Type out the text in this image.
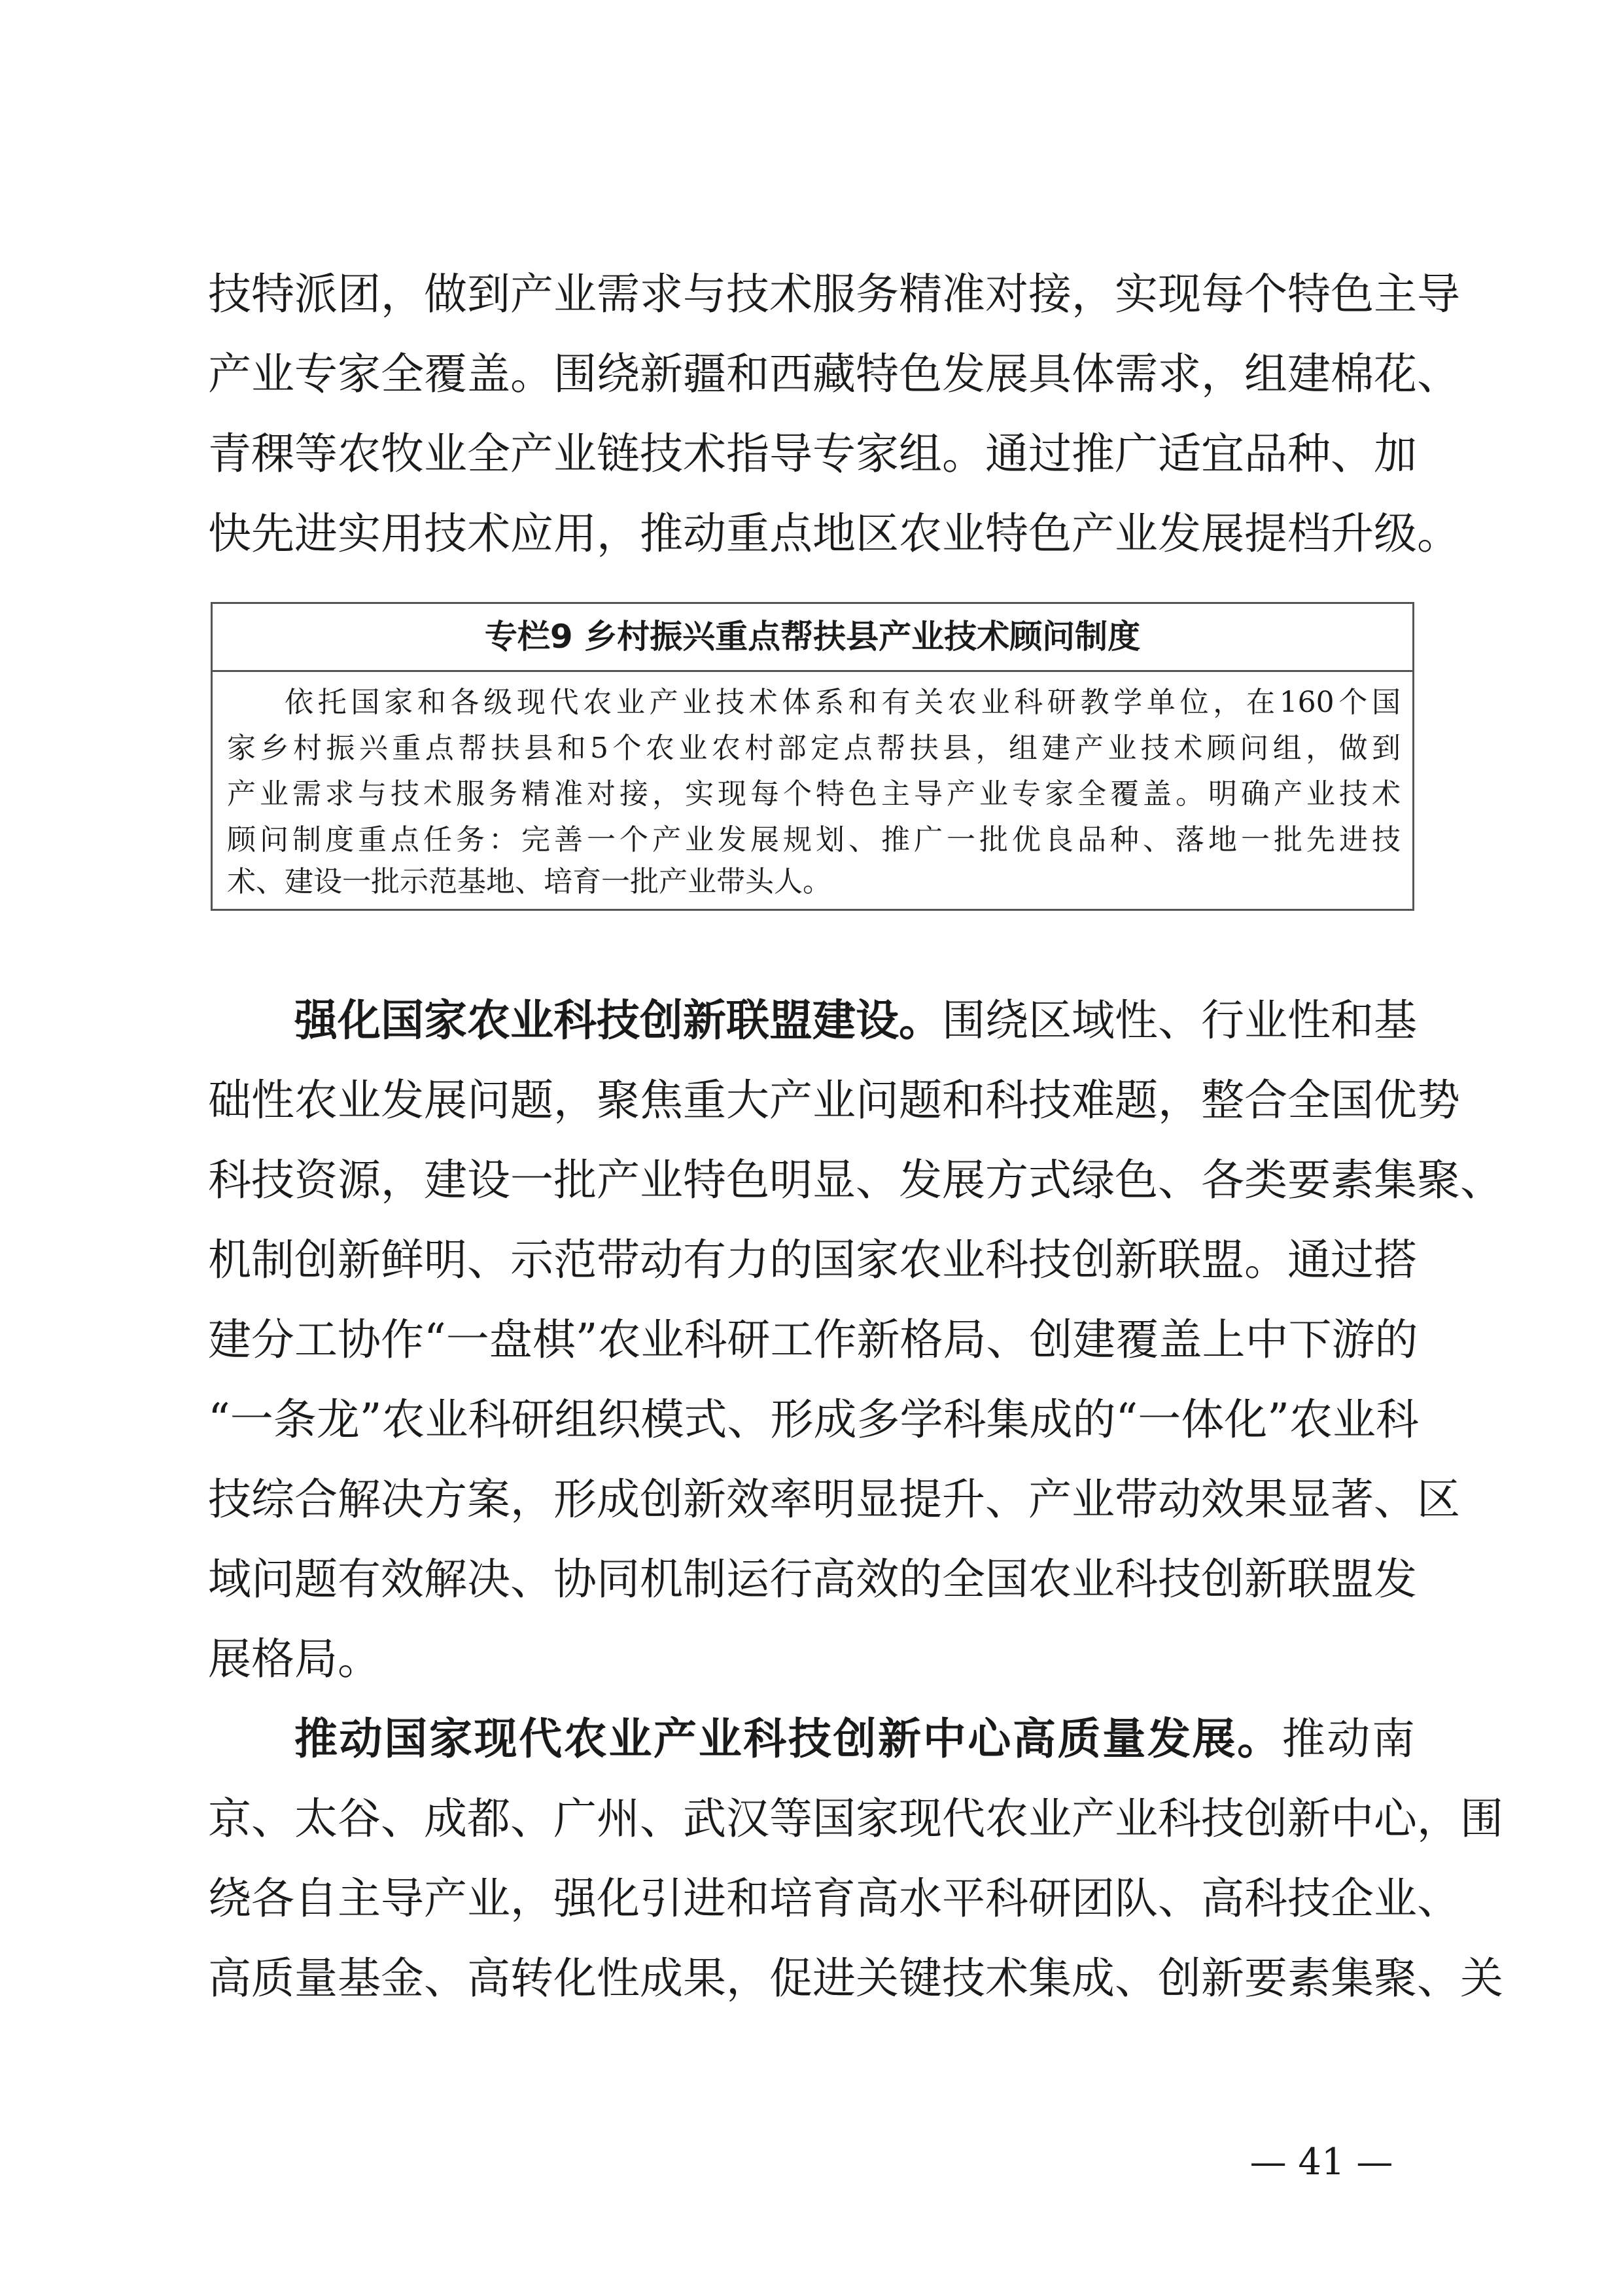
技特派团，做到产业需求与技术服务精准对接，实现每个特色主导
产业专家全覆盖。围绕新疆和西藏特色发展具体需求，组建棉花、
青稞等农牧业全产业链技术指导专家组。通过推广适宜品种、加
快先进实用技术应用，推动重点地区农业特色产业发展提档升级。
专栏9 乡村振兴重点帮扶县产业技术顾问制度
依托国家和各级现代农业产业技术体系和有关农业科研教学单位，在160个国
家乡村振兴重点帮扶县和5个农业农村部定点帮扶县，组建产业技术顾问组，做到
产业需求与技术服务精准对接，实现每个特色主导产业专家全覆盖。明确产业技术
顾问制度重点任务：完善一个产业发展规划、推广一批优良品种、落地一批先进技
术、建设一批示范基地、培育一批产业带头人。
强化国家农业科技创新联盟建设。围绕区域性、行业性和基
础性农业发展问题，聚焦重大产业问题和科技难题，整合全国优势
科技资源，建设一批产业特色明显、发展方式绿色、各类要素集聚、
机制创新鲜明、示范带动有力的国家农业科技创新联盟。通过搭
建分工协作“一盘棋”农业科研工作新格局、创建覆盖上中下游的
“一条龙”农业科研组织模式、形成多学科集成的“一体化”农业科
技综合解决方案，形成创新效率明显提升、产业带动效果显著、区
域问题有效解决、协同机制运行高效的全国农业科技创新联盟发
展格局。
推动国家现代农业产业科技创新中心高质量发展。推动南
京、太谷、成都、广州、武汉等国家现代农业产业科技创新中心，围
绕各自主导产业，强化引进和培育高水平科研团队、高科技企业、
高质量基金、高转化性成果，促进关键技术集成、创新要素集聚、关
— 41 —
